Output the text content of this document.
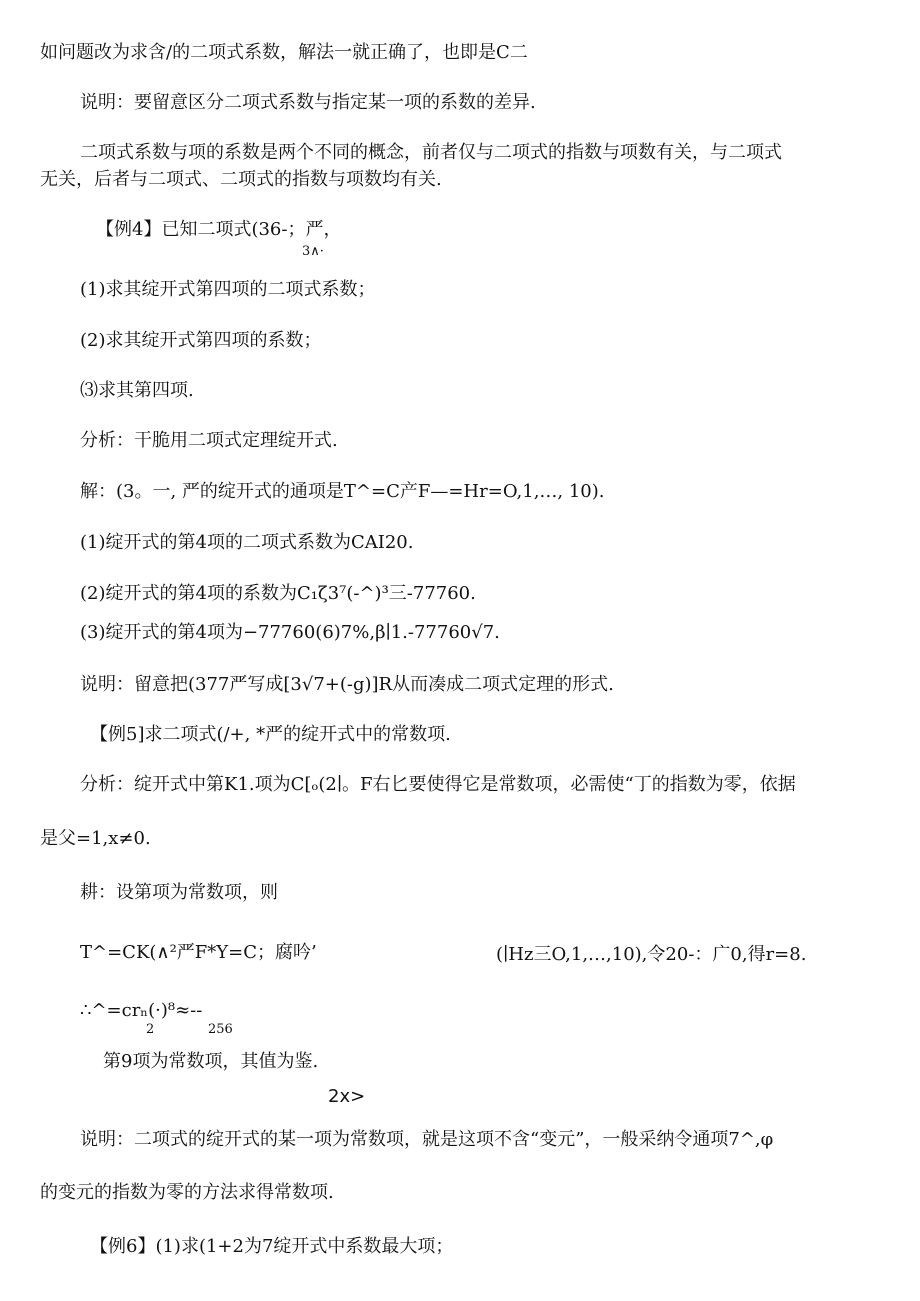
如问题改为求含/的二项式系数，解法一就正确了，也即是C二
说明：要留意区分二项式系数与指定某一项的系数的差异.
二项式系数与项的系数是两个不同的概念，前者仅与二项式的指数与项数有关，与二项式
无关，后者与二项式、二项式的指数与项数均有关.
【例4】已知二项式(36-；严，
3∧·
(1)求其绽开式第四项的二项式系数；
(2)求其绽开式第四项的系数；
⑶求其第四项.
分析：干脆用二项式定理绽开式.
解：(3。一, 严的绽开式的通项是T^=C产F—=Hr=O,1,…, 10).
(1)绽开式的第4项的二项式系数为CAI20.
(2)绽开式的第4项的系数为C₁ζ3⁷(-^)³三-77760.
(3)绽开式的第4项为−77760(6)7%,β∣1.-77760√7.
说明：留意把(377严写成[3√7+(-g)]R从而凑成二项式定理的形式.
【例5]求二项式(/+, *严的绽开式中的常数项.
分析：绽开式中第K1.项为C[ₒ(2∣。F右匕要使得它是常数项，必需使“丁的指数为零，依据
是父=1,x≠0.
耕：设第项为常数项，则
T^=CK(∧²严F*Y=C；腐吟’	(∣Hz三O,1,…,10),令20-：广0,得r=8.
∴^=crₙ(·)⁸≈--
2	256
第9项为常数项，其值为鉴.
2x>
说明：二项式的绽开式的某一项为常数项，就是这项不含“变元”，一般采纳令通项7^,φ
的变元的指数为零的方法求得常数项.
【例6】(1)求(1+2为7绽开式中系数最大项；
